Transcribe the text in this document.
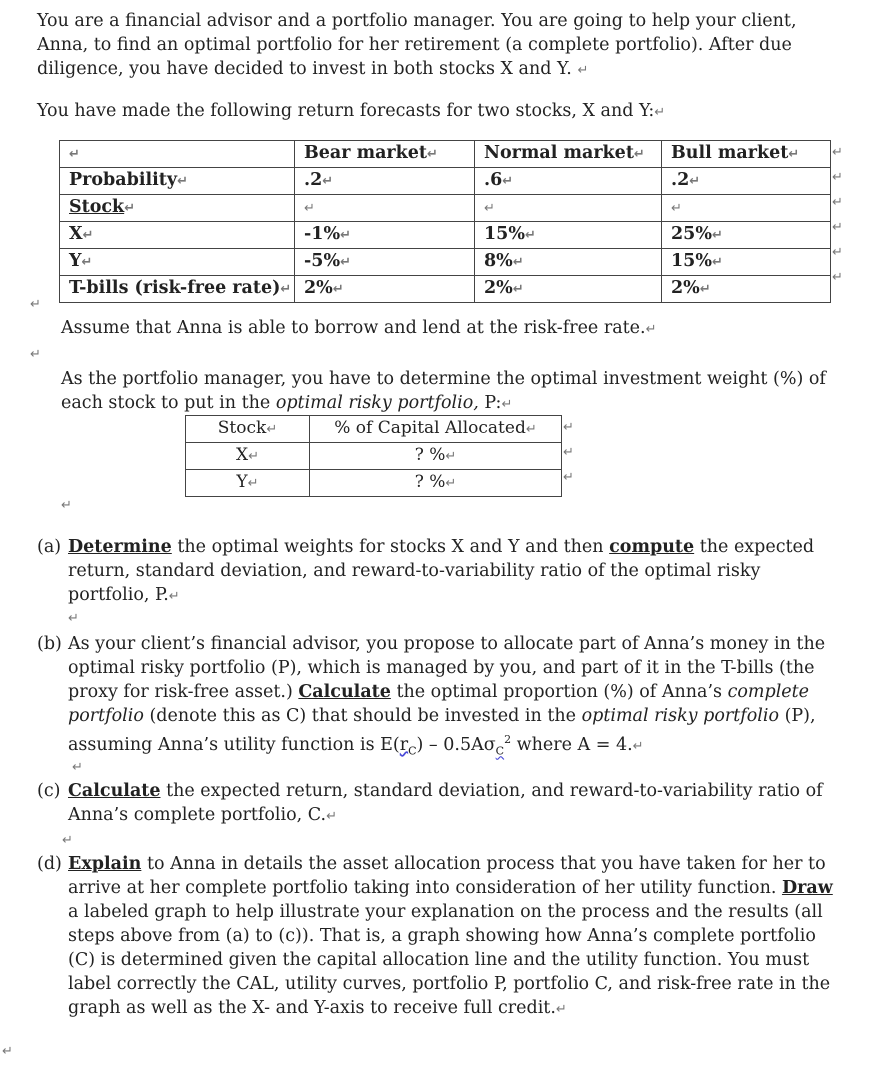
You are a financial advisor and a portfolio manager. You are going to help your client, Anna, to find an optimal portfolio for her retirement (a complete portfolio). After due diligence, you have decided to invest in both stocks X and Y. ↵
You have made the following return forecasts for two stocks, X and Y:↵
↵	Bear market↵	Normal market↵	Bull market↵
Probability↵	.2↵	.6↵	.2↵
Stock↵	↵	↵	↵
X↵	-1%↵	15%↵	25%↵
Y↵	-5%↵	8%↵	15%↵
T-bills (risk-free rate)↵	2%↵	2%↵	2%↵
↵
↵
↵
↵
↵
↵
↵
Assume that Anna is able to borrow and lend at the risk-free rate.↵
↵
As the portfolio manager, you have to determine the optimal investment weight (%) of each stock to put in the optimal risky portfolio, P:↵
Stock↵	% of Capital Allocated↵
X↵	? %↵
Y↵	? %↵
↵
↵
↵
↵
(a) Determine the optimal weights for stocks X and Y and then compute the expected return, standard deviation, and reward-to-variability ratio of the optimal risky portfolio, P.↵
↵
(b) As your client’s financial advisor, you propose to allocate part of Anna’s money in the optimal risky portfolio (P), which is managed by you, and part of it in the T-bills (the proxy for risk-free asset.) Calculate the optimal proportion (%) of Anna’s complete portfolio (denote this as C) that should be invested in the optimal risky portfolio (P), assuming Anna’s utility function is $E(r_C) - 0.5A\sigma_C^2$ where A = 4.↵
↵
(c) Calculate the expected return, standard deviation, and reward-to-variability ratio of Anna’s complete portfolio, C.↵
↵
(d) Explain to Anna in details the asset allocation process that you have taken for her to arrive at her complete portfolio taking into consideration of her utility function. Draw a labeled graph to help illustrate your explanation on the process and the results (all steps above from (a) to (c)). That is, a graph showing how Anna’s complete portfolio (C) is determined given the capital allocation line and the utility function. You must label correctly the CAL, utility curves, portfolio P, portfolio C, and risk-free rate in the graph as well as the X- and Y-axis to receive full credit.↵
↵
